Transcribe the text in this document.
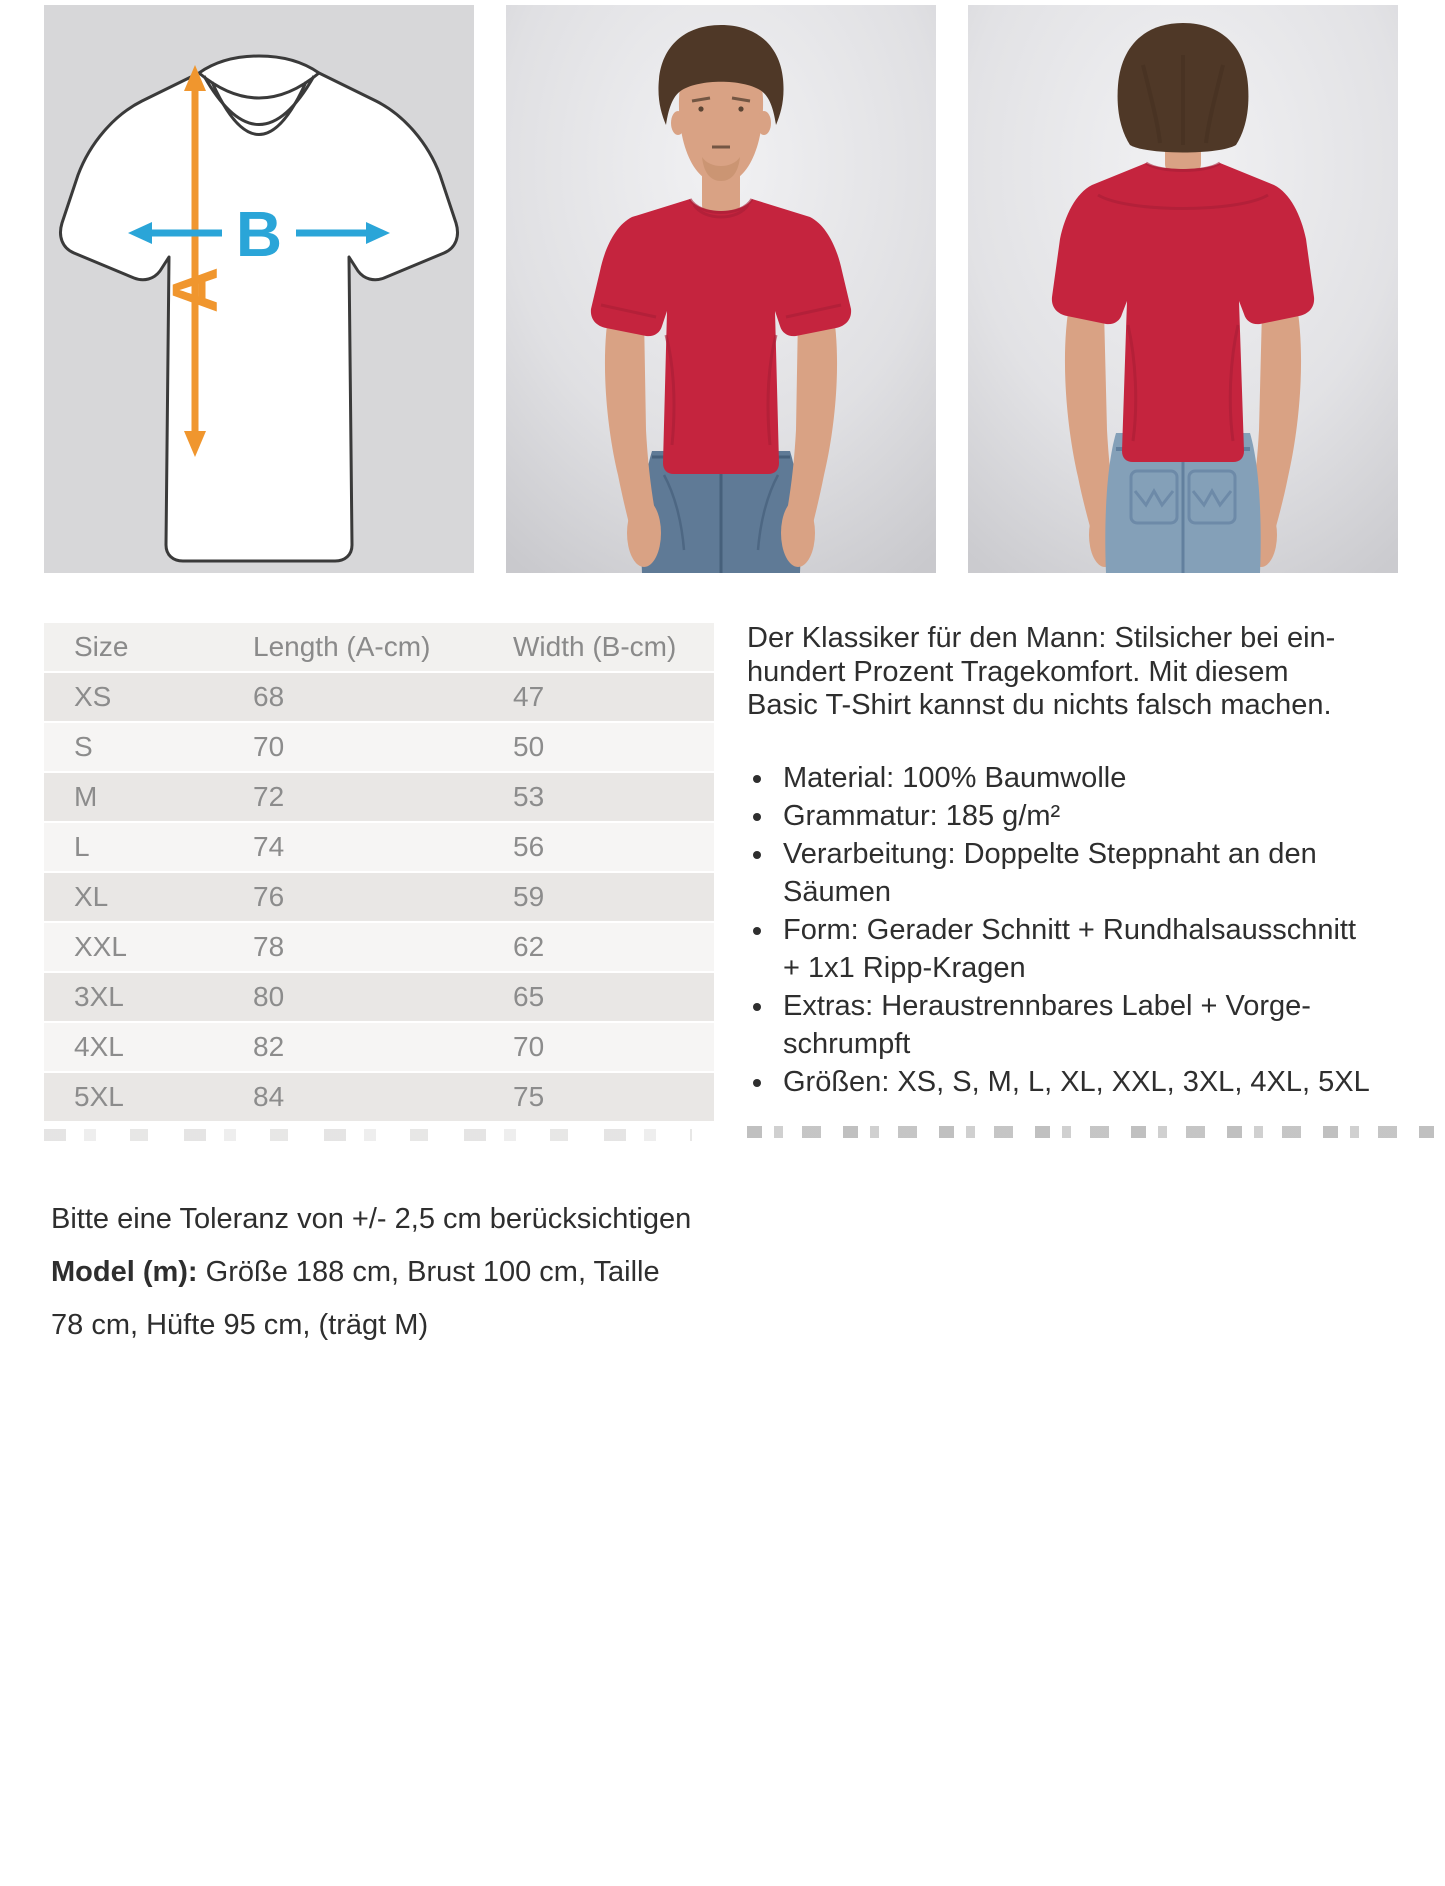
B
A
Size	Length (A-cm)	Width (B-cm)
XS	68	47
S	70	50
M	72	53
L	74	56
XL	76	59
XXL	78	62
3XL	80	65
4XL	82	70
5XL	84	75
Der Klassiker für den Mann: Stilsicher bei ein-
hundert Prozent Tragekomfort. Mit diesem
Basic T-Shirt kannst du nichts falsch machen.
Material: 100% Baumwolle
Grammatur: 185 g/m²
Verarbeitung: Doppelte Steppnaht an den
Säumen
Form: Gerader Schnitt + Rundhalsausschnitt
+ 1x1 Ripp-Kragen
Extras: Heraustrennbares Label + Vorge-
schrumpft
Größen: XS, S, M, L, XL, XXL, 3XL, 4XL, 5XL
Bitte eine Toleranz von +/- 2,5 cm berücksichtigen
Model (m): Größe 188 cm, Brust 100 cm, Taille
78 cm, Hüfte 95 cm, (trägt M)
